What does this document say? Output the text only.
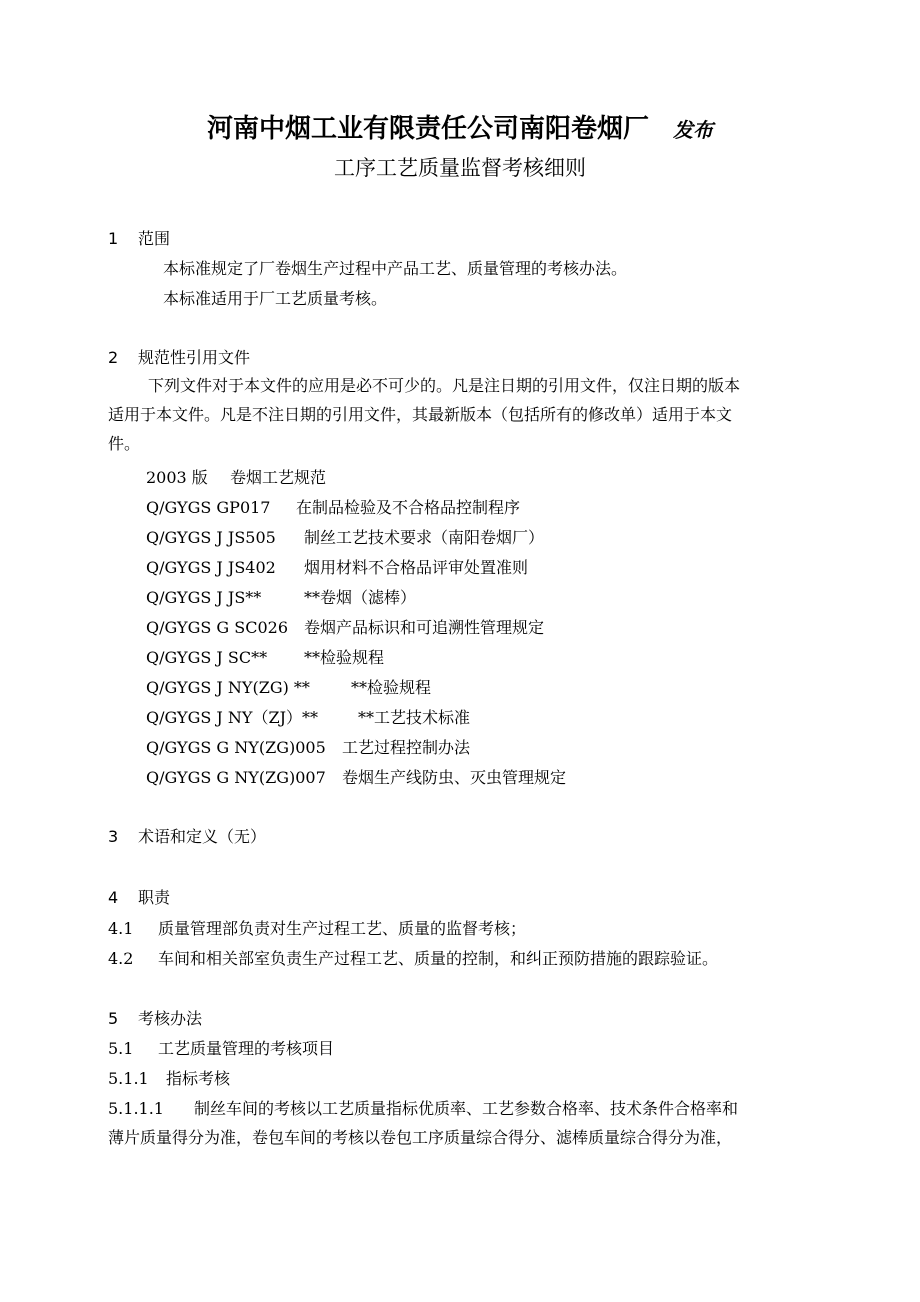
河南中烟工业有限责任公司南阳卷烟厂 发布
工序工艺质量监督考核细则
1 范围
本标准规定了厂卷烟生产过程中产品工艺、质量管理的考核办法。
本标准适用于厂工艺质量考核。
2 规范性引用文件
下列文件对于本文件的应用是必不可少的。凡是注日期的引用文件，仅注日期的版本
适用于本文件。凡是不注日期的引用文件，其最新版本（包括所有的修改单）适用于本文
件。
2003 版 卷烟工艺规范
Q/GYGS GP017 在制品检验及不合格品控制程序
Q/GYGS J JS505 制丝工艺技术要求（南阳卷烟厂）
Q/GYGS J JS402 烟用材料不合格品评审处置准则
Q/GYGS J JS**	**卷烟（滤棒）
Q/GYGS G SC026 卷烟产品标识和可追溯性管理规定
Q/GYGS J SC** **检验规程
Q/GYGS J NY(ZG) **	**检验规程
Q/GYGS J NY（ZJ）**	**工艺技术标准
Q/GYGS G NY(ZG)005 工艺过程控制办法
Q/GYGS G NY(ZG)007 卷烟生产线防虫、灭虫管理规定
3 术语和定义（无）
4 职责
4.1 质量管理部负责对生产过程工艺、质量的监督考核；
4.2 车间和相关部室负责生产过程工艺、质量的控制，和纠正预防措施的跟踪验证。
5 考核办法
5.1 工艺质量管理的考核项目
5.1.1 指标考核
5.1.1.1 制丝车间的考核以工艺质量指标优质率、工艺参数合格率、技术条件合格率和
薄片质量得分为准，卷包车间的考核以卷包工序质量综合得分、滤棒质量综合得分为准，
